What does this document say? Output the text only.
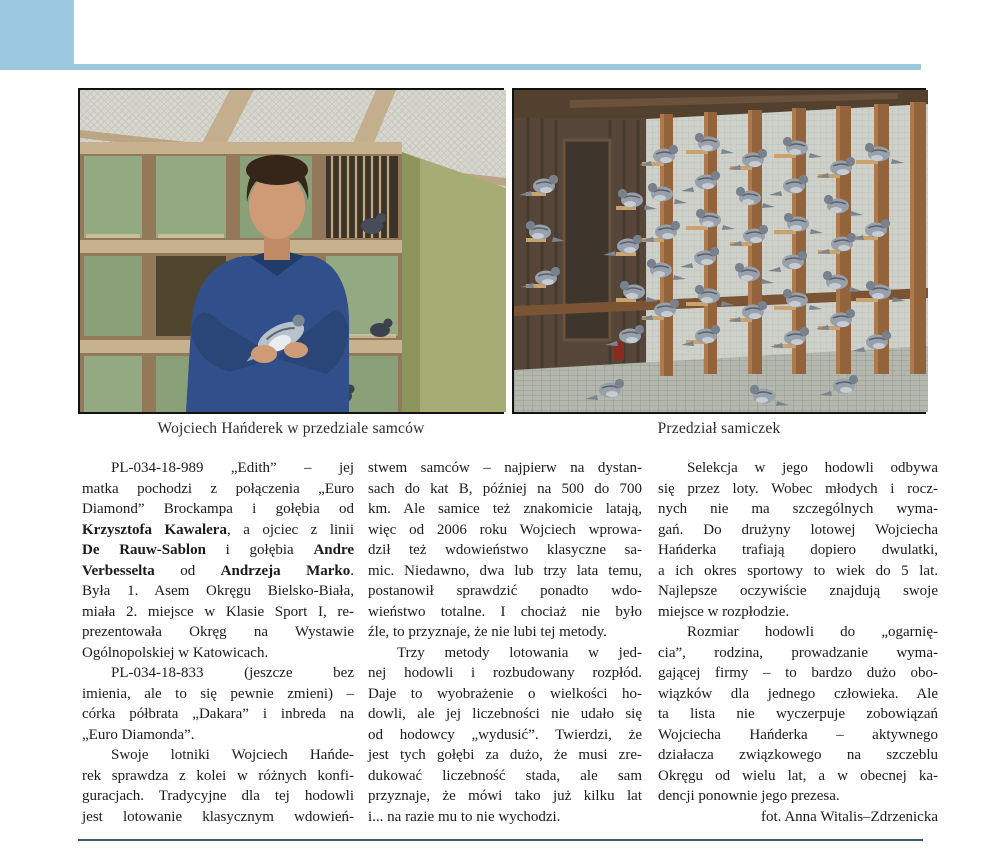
Wojciech Hańderek w przedziale samców	Przedział samiczek
PL-034-18-989 „Edith” – jej
matka pochodzi z połączenia „Euro
Diamond” Brockampa i gołębia od
Krzysztofa Kawalera, a ojciec z linii
De Rauw-Sablon i gołębia Andre
Verbesselta od Andrzeja Marko.
Była 1. Asem Okręgu Bielsko-Biała,
miała 2. miejsce w Klasie Sport I, re-
prezentowała Okręg na Wystawie
Ogólnopolskiej w Katowicach.
PL-034-18-833 (jeszcze bez
imienia, ale to się pewnie zmieni) –
córka półbrata „Dakara” i inbreda na
„Euro Diamonda”.
Swoje lotniki Wojciech Hańde-
rek sprawdza z kolei w różnych konfi-
guracjach. Tradycyjne dla tej hodowli
jest lotowanie klasycznym wdowień-
stwem samców – najpierw na dystan-
sach do kat B, później na 500 do 700
km. Ale samice też znakomicie latają,
więc od 2006 roku Wojciech wprowa-
dził też wdowieństwo klasyczne sa-
mic. Niedawno, dwa lub trzy lata temu,
postanowił sprawdzić ponadto wdo-
wieństwo totalne. I chociaż nie było
źle, to przyznaje, że nie lubi tej metody.
Trzy metody lotowania w jed-
nej hodowli i rozbudowany rozpłód.
Daje to wyobrażenie o wielkości ho-
dowli, ale jej liczebności nie udało się
od hodowcy „wydusić”. Twierdzi, że
jest tych gołębi za dużo, że musi zre-
dukować liczebność stada, ale sam
przyznaje, że mówi tako już kilku lat
i... na razie mu to nie wychodzi.
Selekcja w jego hodowli odbywa
się przez loty. Wobec młodych i rocz-
nych nie ma szczególnych wyma-
gań. Do drużyny lotowej Wojciecha
Hańderka trafiają dopiero dwulatki,
a ich okres sportowy to wiek do 5 lat.
Najlepsze oczywiście znajdują swoje
miejsce w rozpłodzie.
Rozmiar hodowli do „ogarnię-
cia”, rodzina, prowadzanie wyma-
gającej firmy – to bardzo dużo obo-
wiązków dla jednego człowieka. Ale
ta lista nie wyczerpuje zobowiązań
Wojciecha Hańderka – aktywnego
działacza związkowego na szczeblu
Okręgu od wielu lat, a w obecnej ka-
dencji ponownie jego prezesa.
fot. Anna Witalis–Zdrzenicka
